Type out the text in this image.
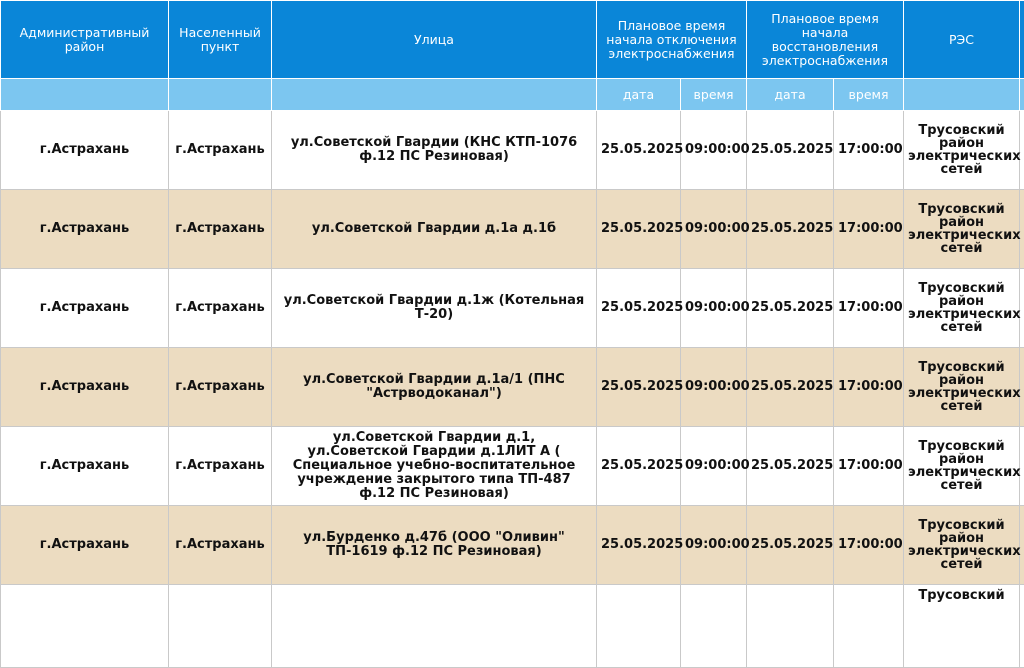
Административный район	Населенный пункт	Улица	Плановое время начала отключения электроснабжения		Плановое время начала восстановления электроснабжения		РЭС	
			дата	время	дата	время		
г.Астрахань	г.Астрахань	ул.Советской Гвардии (КНС КТП-1076 ф.12 ПС Резиновая)	25.05.2025	09:00:00	25.05.2025	17:00:00	Трусовский район электрических сетей	
г.Астрахань	г.Астрахань	ул.Советской Гвардии д.1а д.1б	25.05.2025	09:00:00	25.05.2025	17:00:00	Трусовский район электрических сетей	
г.Астрахань	г.Астрахань	ул.Советской Гвардии д.1ж (Котельная Т-20)	25.05.2025	09:00:00	25.05.2025	17:00:00	Трусовский район электрических сетей	
г.Астрахань	г.Астрахань	ул.Советской Гвардии д.1а/1 (ПНС "Астрводоканал")	25.05.2025	09:00:00	25.05.2025	17:00:00	Трусовский район электрических сетей	
г.Астрахань	г.Астрахань	ул.Советской Гвардии д.1, ул.Советской Гвардии д.1ЛИТ А ( Специальное учебно-воспитательное учреждение закрытого типа ТП-487 ф.12 ПС Резиновая)	25.05.2025	09:00:00	25.05.2025	17:00:00	Трусовский район электрических сетей	
г.Астрахань	г.Астрахань	ул.Бурденко д.47б (ООО "Оливин" ТП-1619 ф.12 ПС Резиновая)	25.05.2025	09:00:00	25.05.2025	17:00:00	Трусовский район электрических сетей	
							Трусовский	
